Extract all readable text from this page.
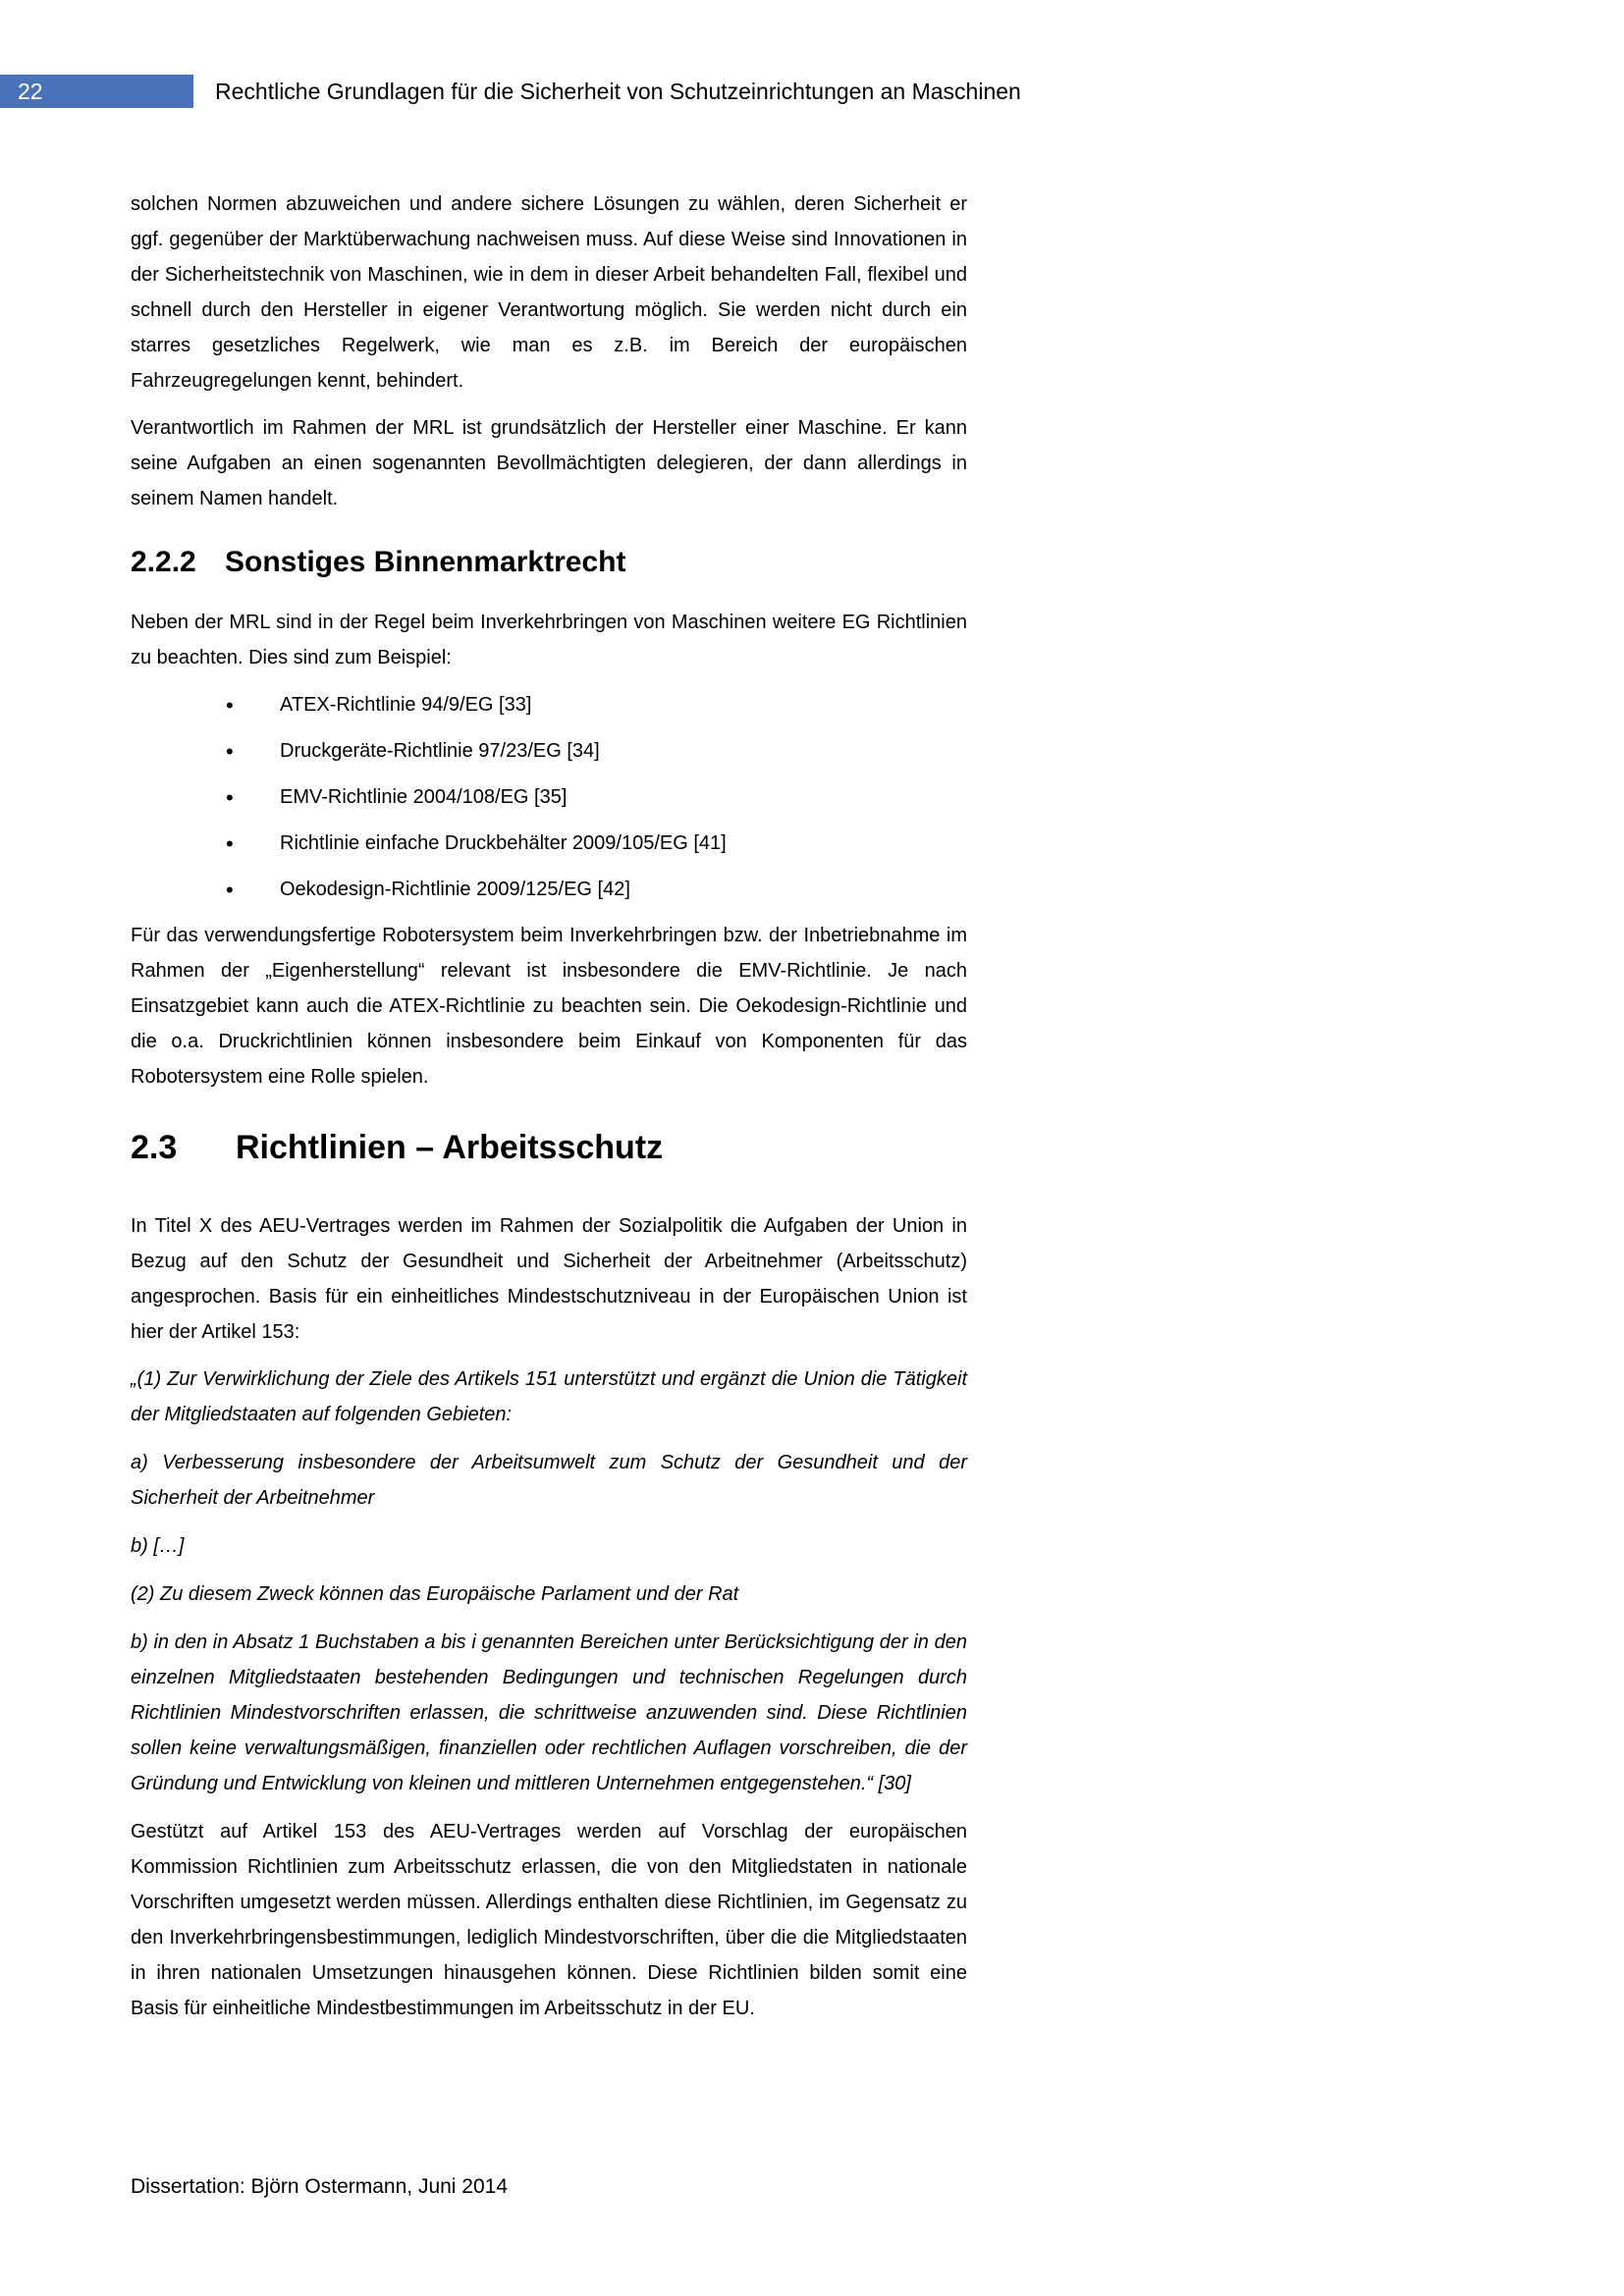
22	Rechtliche Grundlagen für die Sicherheit von Schutzeinrichtungen an Maschinen

solchen Normen abzuweichen und andere sichere Lösungen zu wählen, deren Sicherheit er ggf. gegenüber der Marktüberwachung nachweisen muss. Auf diese Weise sind Innovationen in der Sicherheitstechnik von Maschinen, wie in dem in dieser Arbeit behandelten Fall, flexibel und schnell durch den Hersteller in eigener Verantwortung möglich. Sie werden nicht durch ein starres gesetzliches Regelwerk, wie man es z.B. im Bereich der europäischen Fahrzeugregelungen kennt, behindert.

Verantwortlich im Rahmen der MRL ist grundsätzlich der Hersteller einer Maschine. Er kann seine Aufgaben an einen sogenannten Bevollmächtigten delegieren, der dann allerdings in seinem Namen handelt.

2.2.2 Sonstiges Binnenmarktrecht

Neben der MRL sind in der Regel beim Inverkehrbringen von Maschinen weitere EG Richtlinien zu beachten. Dies sind zum Beispiel:

• ATEX-Richtlinie 94/9/EG [33]
• Druckgeräte-Richtlinie 97/23/EG [34]
• EMV-Richtlinie 2004/108/EG [35]
• Richtlinie einfache Druckbehälter 2009/105/EG [41]
• Oekodesign-Richtlinie 2009/125/EG [42]

Für das verwendungsfertige Robotersystem beim Inverkehrbringen bzw. der Inbetriebnahme im Rahmen der „Eigenherstellung“ relevant ist insbesondere die EMV-Richtlinie. Je nach Einsatzgebiet kann auch die ATEX-Richtlinie zu beachten sein. Die Oekodesign-Richtlinie und die o.a. Druckrichtlinien können insbesondere beim Einkauf von Komponenten für das Robotersystem eine Rolle spielen.

2.3 Richtlinien – Arbeitsschutz

In Titel X des AEU-Vertrages werden im Rahmen der Sozialpolitik die Aufgaben der Union in Bezug auf den Schutz der Gesundheit und Sicherheit der Arbeitnehmer (Arbeitsschutz) angesprochen. Basis für ein einheitliches Mindestschutzniveau in der Europäischen Union ist hier der Artikel 153:

„(1) Zur Verwirklichung der Ziele des Artikels 151 unterstützt und ergänzt die Union die Tätigkeit der Mitgliedstaaten auf folgenden Gebieten:

a) Verbesserung insbesondere der Arbeitsumwelt zum Schutz der Gesundheit und der Sicherheit der Arbeitnehmer

b) […]

(2) Zu diesem Zweck können das Europäische Parlament und der Rat

b) in den in Absatz 1 Buchstaben a bis i genannten Bereichen unter Berücksichtigung der in den einzelnen Mitgliedstaaten bestehenden Bedingungen und technischen Regelungen durch Richtlinien Mindestvorschriften erlassen, die schrittweise anzuwenden sind. Diese Richtlinien sollen keine verwaltungsmäßigen, finanziellen oder rechtlichen Auflagen vorschreiben, die der Gründung und Entwicklung von kleinen und mittleren Unternehmen entgegenstehen.“ [30]

Gestützt auf Artikel 153 des AEU-Vertrages werden auf Vorschlag der europäischen Kommission Richtlinien zum Arbeitsschutz erlassen, die von den Mitgliedstaten in nationale Vorschriften umgesetzt werden müssen. Allerdings enthalten diese Richtlinien, im Gegensatz zu den Inverkehrbringensbestimmungen, lediglich Mindestvorschriften, über die die Mitgliedstaaten in ihren nationalen Umsetzungen hinausgehen können. Diese Richtlinien bilden somit eine Basis für einheitliche Mindestbestimmungen im Arbeitsschutz in der EU.

Dissertation: Björn Ostermann, Juni 2014
